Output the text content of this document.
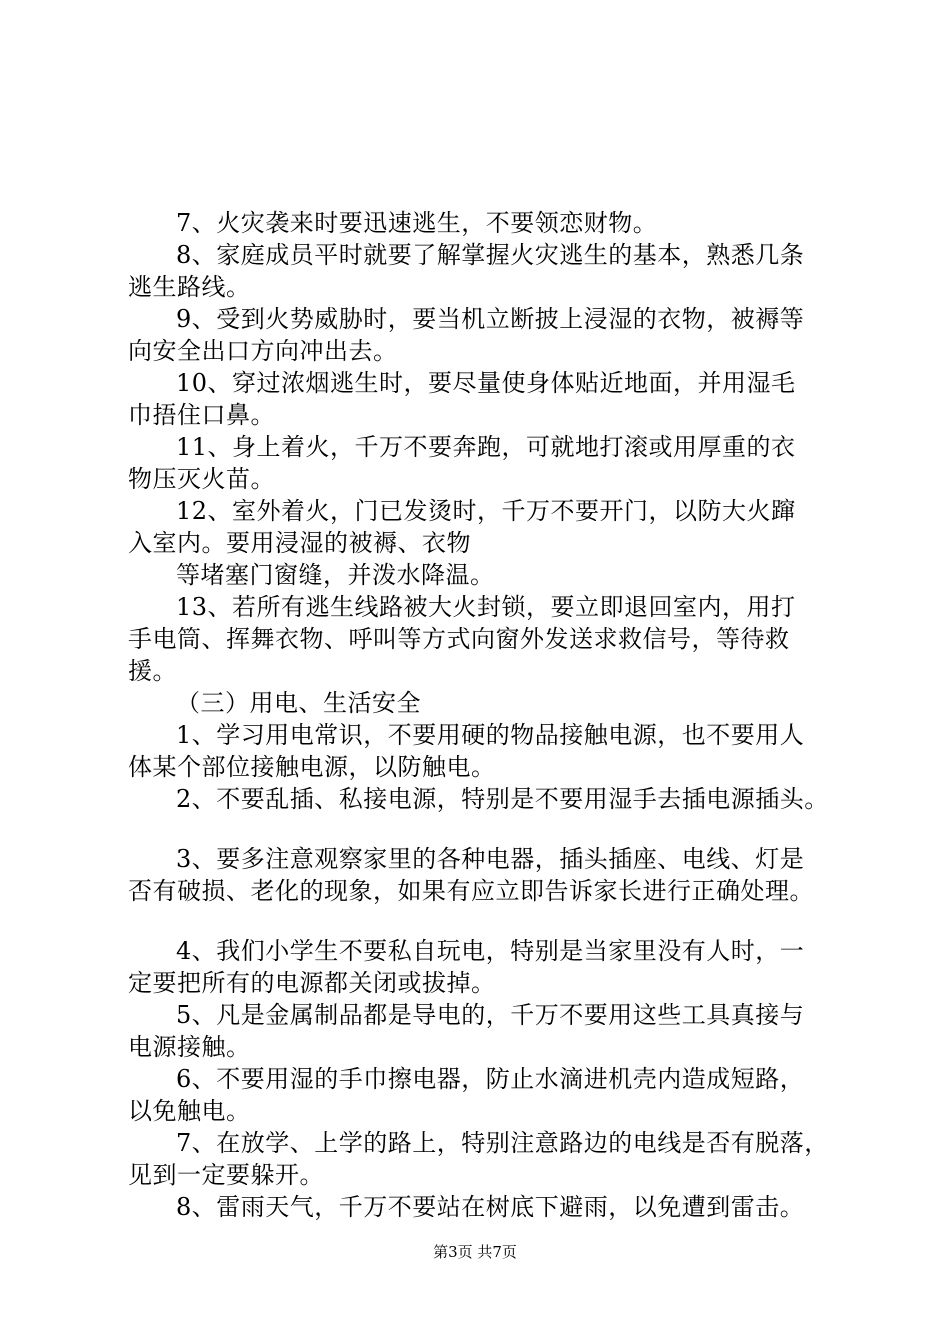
7、火灾袭来时要迅速逃生，不要领恋财物。
8、家庭成员平时就要了解掌握火灾逃生的基本，熟悉几条
逃生路线。
9、受到火势威胁时，要当机立断披上浸湿的衣物，被褥等
向安全出口方向冲出去。
10、穿过浓烟逃生时，要尽量使身体贴近地面，并用湿毛
巾捂住口鼻。
11、身上着火，千万不要奔跑，可就地打滚或用厚重的衣
物压灭火苗。
12、室外着火，门已发烫时，千万不要开门，以防大火蹿
入室内。要用浸湿的被褥、衣物
等堵塞门窗缝，并泼水降温。
13、若所有逃生线路被大火封锁，要立即退回室内，用打
手电筒、挥舞衣物、呼叫等方式向窗外发送求救信号，等待救
援。
（三）用电、生活安全
1、学习用电常识，不要用硬的物品接触电源，也不要用人
体某个部位接触电源，以防触电。
2、不要乱插、私接电源，特别是不要用湿手去插电源插头。
3、要多注意观察家里的各种电器，插头插座、电线、灯是
否有破损、老化的现象，如果有应立即告诉家长进行正确处理。
4、我们小学生不要私自玩电，特别是当家里没有人时，一
定要把所有的电源都关闭或拔掉。
5、凡是金属制品都是导电的，千万不要用这些工具真接与
电源接触。
6、不要用湿的手巾擦电器，防止水滴进机壳内造成短路，
以免触电。
7、在放学、上学的路上，特别注意路边的电线是否有脱落，
见到一定要躲开。
8、雷雨天气，千万不要站在树底下避雨，以免遭到雷击。
第3页 共7页
